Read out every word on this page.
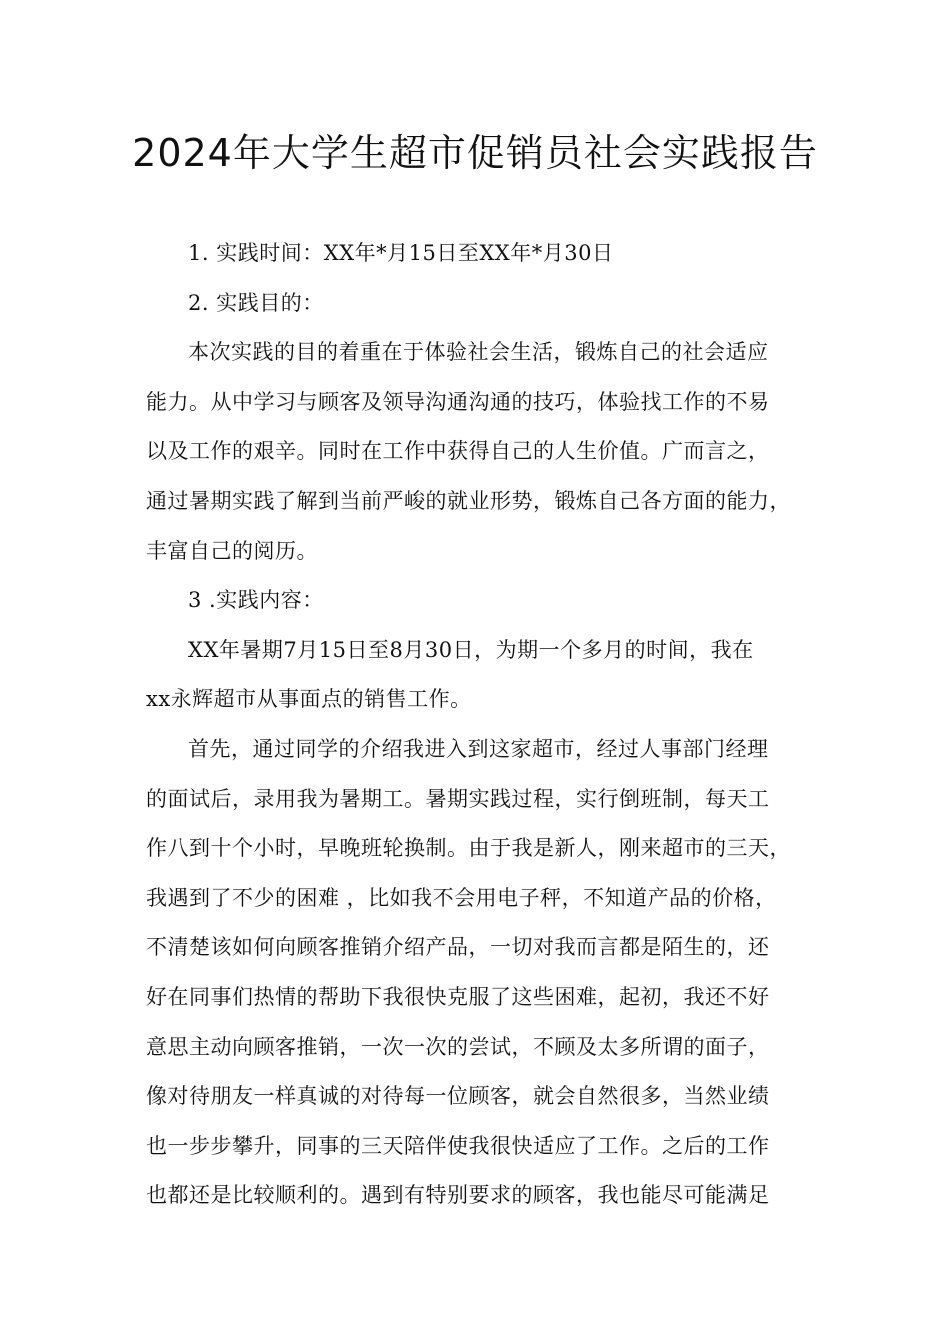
2024年大学生超市促销员社会实践报告
1. 实践时间：XX年*月15日至XX年*月30日
2. 实践目的：
本次实践的目的着重在于体验社会生活，锻炼自己的社会适应
能力。从中学习与顾客及领导沟通沟通的技巧，体验找工作的不易
以及工作的艰辛。同时在工作中获得自己的人生价值。广而言之，
通过暑期实践了解到当前严峻的就业形势，锻炼自己各方面的能力，
丰富自己的阅历。
3 .实践内容：
XX年暑期7月15日至8月30日，为期一个多月的时间，我在
xx永辉超市从事面点的销售工作。
首先，通过同学的介绍我进入到这家超市，经过人事部门经理
的面试后，录用我为暑期工。暑期实践过程，实行倒班制，每天工
作八到十个小时，早晚班轮换制。由于我是新人，刚来超市的三天，
我遇到了不少的困难 ，比如我不会用电子秤，不知道产品的价格，
不清楚该如何向顾客推销介绍产品，一切对我而言都是陌生的，还
好在同事们热情的帮助下我很快克服了这些困难，起初，我还不好
意思主动向顾客推销，一次一次的尝试，不顾及太多所谓的面子，
像对待朋友一样真诚的对待每一位顾客，就会自然很多，当然业绩
也一步步攀升，同事的三天陪伴使我很快适应了工作。之后的工作
也都还是比较顺利的。遇到有特别要求的顾客，我也能尽可能满足
